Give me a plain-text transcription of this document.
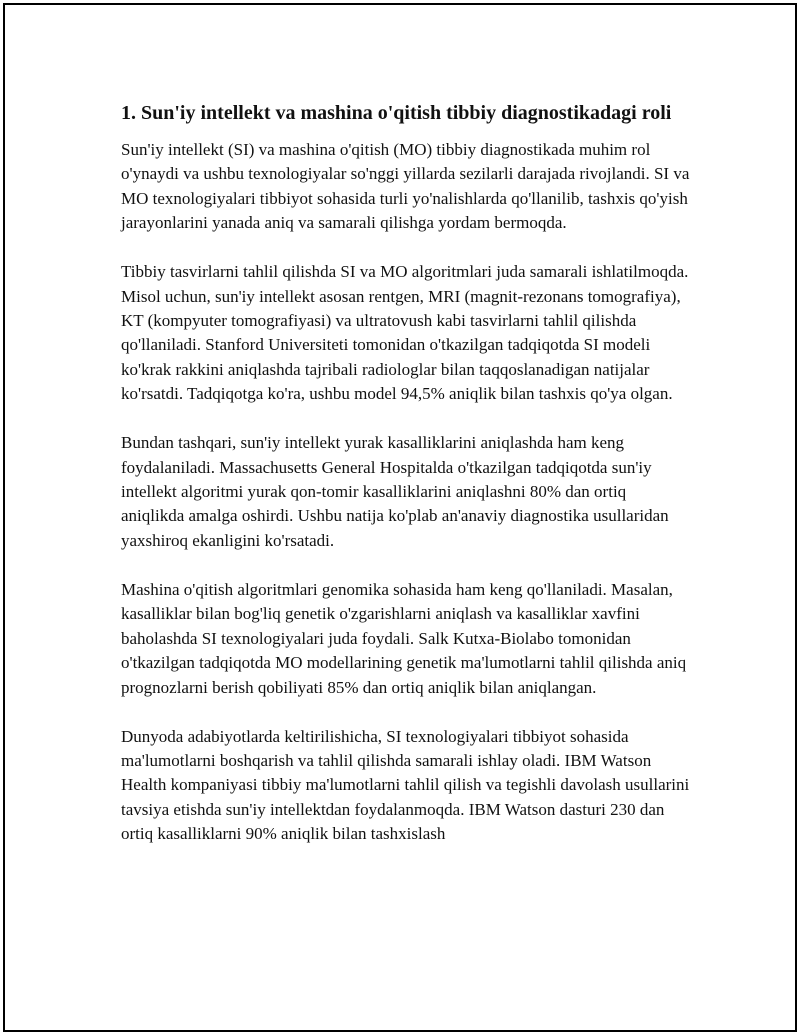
1. Sun'iy intellekt va mashina o'qitish tibbiy diagnostikadagi roli

Sun'iy intellekt (SI) va mashina o'qitish (MO) tibbiy diagnostikada muhim rol o'ynaydi va ushbu texnologiyalar so'nggi yillarda sezilarli darajada rivojlandi. SI va MO texnologiyalari tibbiyot sohasida turli yo'nalishlarda qo'llanilib, tashxis qo'yish jarayonlarini yanada aniq va samarali qilishga yordam bermoqda.

Tibbiy tasvirlarni tahlil qilishda SI va MO algoritmlari juda samarali ishlatilmoqda. Misol uchun, sun'iy intellekt asosan rentgen, MRI (magnit-rezonans tomografiya), KT (kompyuter tomografiyasi) va ultratovush kabi tasvirlarni tahlil qilishda qo'llaniladi. Stanford Universiteti tomonidan o'tkazilgan tadqiqotda SI modeli ko'krak rakkini aniqlashda tajribali radiologlar bilan taqqoslanadigan natijalar ko'rsatdi. Tadqiqotga ko'ra, ushbu model 94,5% aniqlik bilan tashxis qo'ya olgan.

Bundan tashqari, sun'iy intellekt yurak kasalliklarini aniqlashda ham keng foydalaniladi. Massachusetts General Hospitalda o'tkazilgan tadqiqotda sun'iy intellekt algoritmi yurak qon-tomir kasalliklarini aniqlashni 80% dan ortiq aniqlikda amalga oshirdi. Ushbu natija ko'plab an'anaviy diagnostika usullaridan yaxshiroq ekanligini ko'rsatadi.

Mashina o'qitish algoritmlari genomika sohasida ham keng qo'llaniladi. Masalan, kasalliklar bilan bog'liq genetik o'zgarishlarni aniqlash va kasalliklar xavfini baholashda SI texnologiyalari juda foydali. Salk Kutxa-Biolabo tomonidan o'tkazilgan tadqiqotda MO modellarining genetik ma'lumotlarni tahlil qilishda aniq prognozlarni berish qobiliyati 85% dan ortiq aniqlik bilan aniqlangan.

Dunyoda adabiyotlarda keltirilishicha, SI texnologiyalari tibbiyot sohasida ma'lumotlarni boshqarish va tahlil qilishda samarali ishlay oladi. IBM Watson Health kompaniyasi tibbiy ma'lumotlarni tahlil qilish va tegishli davolash usullarini tavsiya etishda sun'iy intellektdan foydalanmoqda. IBM Watson dasturi 230 dan ortiq kasalliklarni 90% aniqlik bilan tashxislash
